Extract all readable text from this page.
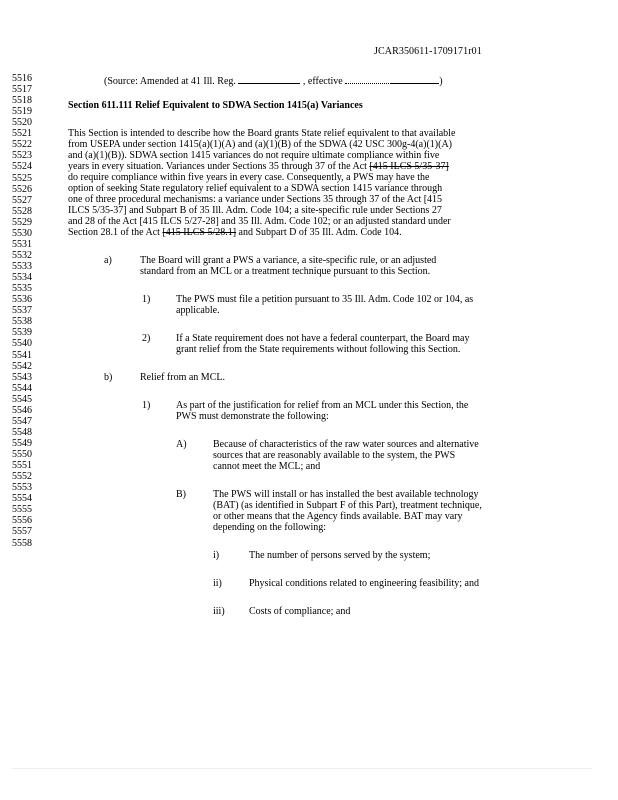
JCAR350611-1709171r01
5516
5517
5518
5519
5520
5521
5522
5523
5524
5525
5526
5527
5528
5529
5530
5531
5532
5533
5534
5535
5536
5537
5538
5539
5540
5541
5542
5543
5544
5545
5546
5547
5548
5549
5550
5551
5552
5553
5554
5555
5556
5557
5558
(Source: Amended at 41 Ill. Reg.	, effective	)
Section 611.111 Relief Equivalent to SDWA Section 1415(a) Variances
This Section is intended to describe how the Board grants State relief equivalent to that available
from USEPA under section 1415(a)(1)(A) and (a)(1)(B) of the SDWA (42 USC 300g-4(a)(1)(A)
and (a)(1)(B)). SDWA section 1415 variances do not require ultimate compliance within five
years in every situation. Variances under Sections 35 through 37 of the Act [415 ILCS 5/35-37]
do require compliance within five years in every case. Consequently, a PWS may have the
option of seeking State regulatory relief equivalent to a SDWA section 1415 variance through
one of three procedural mechanisms: a variance under Sections 35 through 37 of the Act [415
ILCS 5/35-37] and Subpart B of 35 Ill. Adm. Code 104; a site-specific rule under Sections 27
and 28 of the Act [415 ILCS 5/27-28] and 35 Ill. Adm. Code 102; or an adjusted standard under
Section 28.1 of the Act [415 ILCS 5/28.1] and Subpart D of 35 Ill. Adm. Code 104.
a)	The Board will grant a PWS a variance, a site-specific rule, or an adjusted
standard from an MCL or a treatment technique pursuant to this Section.
1)	The PWS must file a petition pursuant to 35 Ill. Adm. Code 102 or 104, as
applicable.
2)	If a State requirement does not have a federal counterpart, the Board may
grant relief from the State requirements without following this Section.
b)	Relief from an MCL.
1)	As part of the justification for relief from an MCL under this Section, the
PWS must demonstrate the following:
A)	Because of characteristics of the raw water sources and alternative
sources that are reasonably available to the system, the PWS
cannot meet the MCL; and
B)	The PWS will install or has installed the best available technology
(BAT) (as identified in Subpart F of this Part), treatment technique,
or other means that the Agency finds available. BAT may vary
depending on the following:
i)	The number of persons served by the system;
ii)	Physical conditions related to engineering feasibility; and
iii) Costs of compliance; and
